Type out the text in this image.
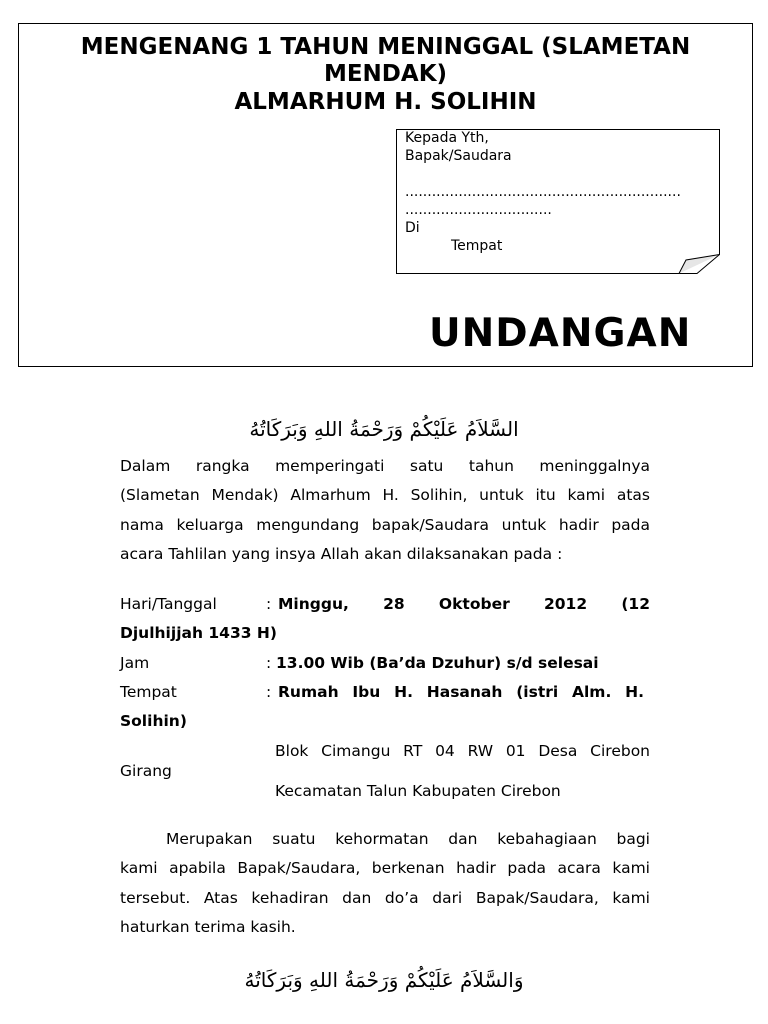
MENGENANG 1 TAHUN MENINGGAL (SLAMETAN MENDAK)
ALMARHUM H. SOLIHIN
Kepada Yth,
Bapak/Saudara
..............................................................
.................................
Di
Tempat
UNDANGAN
السَّلاَمُ عَلَيْكُمْ وَرَحْمَةُ اللهِ وَبَرَكَاتُهُ
Dalam rangka memperingati satu tahun meninggalnya
(Slametan Mendak) Almarhum H. Solihin, untuk itu kami atas
nama keluarga mengundang bapak/Saudara untuk hadir pada
acara Tahlilan yang insya Allah akan dilaksanakan pada :
Hari/Tanggal	: Minggu, 28 Oktober 2012 (12
Djulhijjah 1433 H)
Jam	: 13.00 Wib (Ba’da Dzuhur) s/d selesai
Tempat	: Rumah Ibu H. Hasanah (istri Alm. H.
Solihin)
Blok Cimangu RT 04 RW 01 Desa Cirebon
Girang
Kecamatan Talun Kabupaten Cirebon
Merupakan suatu kehormatan dan kebahagiaan bagi
kami apabila Bapak/Saudara, berkenan hadir pada acara kami
tersebut. Atas kehadiran dan do’a dari Bapak/Saudara, kami
haturkan terima kasih.
وَالسَّلاَمُ عَلَيْكُمْ وَرَحْمَةُ اللهِ وَبَرَكَاتُهُ
